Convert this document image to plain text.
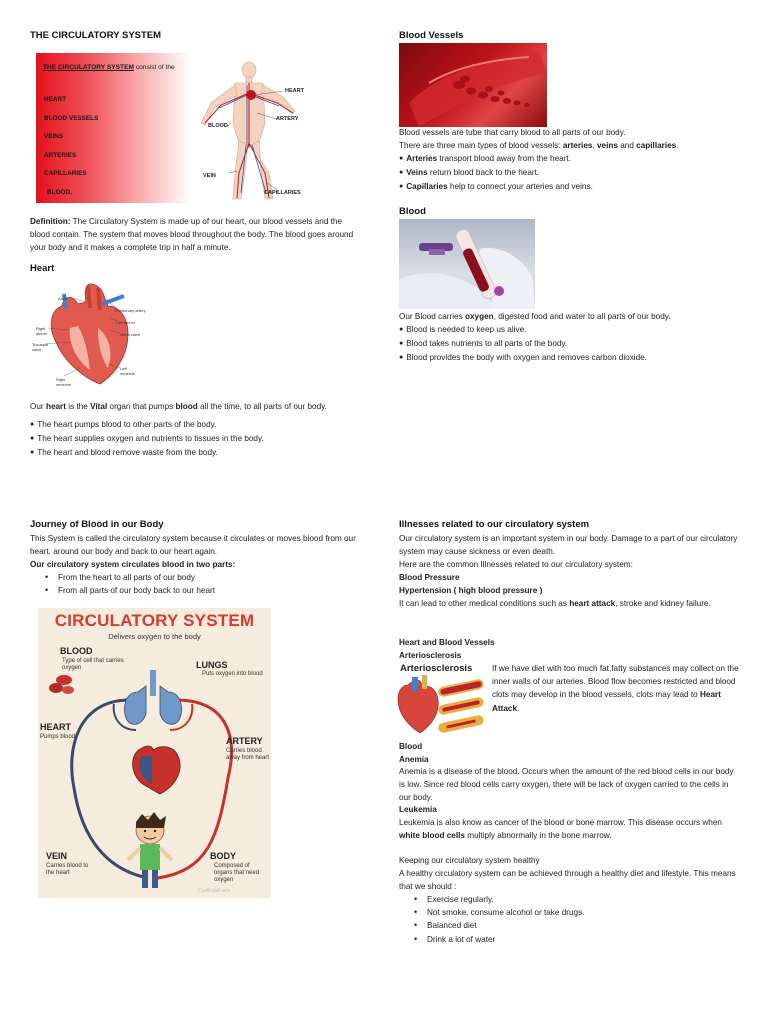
THE CIRCULATORY SYSTEM
THE CIRCULATORY SYSTEM consist of the
HEART
BLOOD VESSELS
VEINS
ARTERIES
CAPILLARIES
BLOOD.
HEART
ARTERY
BLOOD
VEIN
CAPILLARIES
Definition: The Circulatory System is made up of our heart, our blood vessels and the blood contain. The system that moves blood throughout the body. The blood goes around your body and it makes a complete trip in half a minute.
Heart
Aorta
Pulmonary artery
Left atrium
Mitral valve
Right atrium
Tricuspid valve
Left ventricle
Right ventricle
Our heart is the Vital organ that pumps blood all the time, to all parts of our body.
● The heart pumps blood to other parts of the body.
● The heart supplies oxygen and nutrients to tissues in the body.
● The heart and blood remove waste from the body.
Journey of Blood in our Body
This System is called the circulatory system because it circulates or moves blood from our heart, around our body and back to our heart again.
Our circulatory system circulates blood in two parts:
• From the heart to all parts of our body
• From all parts of our body back to our heart
CIRCULATORY SYSTEM
Delivers oxygen to the body
BLOOD
Type of cell that carries oxygen	LUNGS
Puts oxygen into blood
HEART
Pumps blood	ARTERY
Carries blood away from heart
VEIN
Carries blood to the heart
BODY
Composed of organs that need oxygen
CoolKidsFacts
Blood Vessels
Blood vessels are tube that carry blood to all parts of our body.
There are three main types of blood vessels: arteries, veins and capillaries.
● Arteries transport blood away from the heart.
● Veins return blood back to the heart.
● Capillaries help to connect your arteries and veins.
Blood
Our Blood carries oxygen, digested food and water to all parts of our body.
● Blood is needed to keep us alive.
● Blood takes nutrients to all parts of the body.
● Blood provides the body with oxygen and removes carbon dioxide.
Illnesses related to our circulatory system
Our circulatory system is an important system in our body. Damage to a part of our circulatory system may cause sickness or even death.
Here are the common Illnesses related to our circulatory system:
Blood Pressure
Hypertension ( high blood pressure )
It can lead to other medical conditions such as heart attack, stroke and kidney failure.
Heart and Blood Vessels
Arteriosclerosis
Arteriosclerosis If we have diet with too much fat,fatty substances may collect on the inner walls of our arteries. Blood flow becomes restricted and blood clots may develop in the blood vessels, clots may lead to Heart Attack.
Blood
Anemia
Anemia is a disease of the blood. Occurs when the amount of the red blood cells in our body is low. Since red blood cells carry oxygen, there will be lack of oxygen carried to the cells in our body.
Leukemia
Leukemia is also know as cancer of the blood or bone marrow. This disease occurs when white blood cells multiply abnormally in the bone marrow.
Keeping our circulatory system healthy
A healthy circulatory system can be achieved through a healthy diet and lifestyle. This means that we should :
• Exercise regularly.
• Not smoke, consume alcohol or take drugs.
• Balanced diet
• Drink a lot of water
